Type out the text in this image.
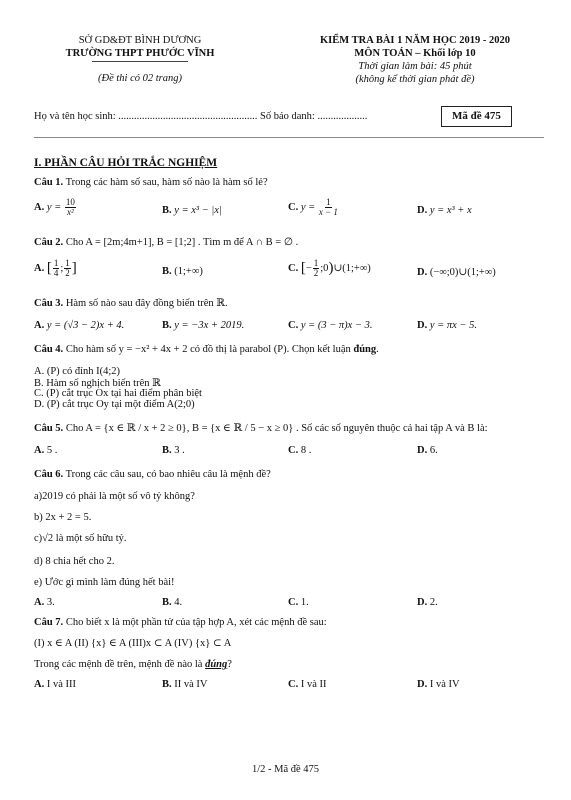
SỞ GD&ĐT BÌNH DƯƠNG
TRƯỜNG THPT PHƯỚC VĨNH
(Đề thi có 02 trang)
KIỂM TRA BÀI 1 NĂM HỌC 2019 - 2020
MÔN TOÁN – Khối lớp 10
Thời gian làm bài: 45 phút
(không kể thời gian phát đề)
Họ và tên học sinh: ..................................................... Số báo danh: ...................	Mã đề 475
I. PHẦN CÂU HỎI TRẮC NGHIỆM
Câu 1. Trong các hàm số sau, hàm số nào là hàm số lẻ?
A. $y = \frac{10}{\text{x²}}$	B. y = x³ − |x|	C. $y = \frac{1}{x - 1}$	D. y = x³ + x
Câu 2. Cho A = [2m;4m+1], B = [1;2] . Tìm m để A ∩ B = ∅ .
A. [ $\frac{1}{4}$ ; $\frac{1}{2}$ ]	B. (1;+∞)	C. [− $\frac{1}{2}$ ;0)∪(1;+∞)	D. (−∞;0)∪(1;+∞)
Câu 3. Hàm số nào sau đây đồng biến trên ℝ.
A. y = (√3 − 2)x + 4.	B. y = −3x + 2019.	C. y = (3 − π)x − 3.	D. y = πx − 5.
Câu 4. Cho hàm số y = −x² + 4x + 2 có đồ thị là parabol (P). Chọn kết luận đúng.
A. (P) có đỉnh I(4;2)
B. Hàm số nghịch biến trên ℝ
C. (P) cắt trục Ox tại hai điểm phân biệt
D. (P) cắt trục Oy tại một điểm A(2;0)
Câu 5. Cho A = {x ∈ ℝ / x + 2 ≥ 0}, B = {x ∈ ℝ / 5 − x ≥ 0} . Số các số nguyên thuộc cả hai tập A và B là:
A. 5 .	B. 3 .	C. 8 .	D. 6.
Câu 6. Trong các câu sau, có bao nhiêu câu là mệnh đề?
a)2019 có phải là một số vô tỷ không?
b) 2x + 2 = 5.
c)√2 là một số hữu tỷ.
d) 8 chia hết cho 2.
e) Ước gì mình làm đúng hết bài!
A. 3.	B. 4.	C. 1.	D. 2.
Câu 7. Cho biết x là một phần tử của tập hợp A, xét các mệnh đề sau:
(I) x ∈ A (II) {x} ∈ A (III)x ⊂ A (IV) {x} ⊂ A
Trong các mệnh đề trên, mệnh đề nào là đúng?
A. I và III	B. II và IV	C. I và II	D. I và IV
1/2 - Mã đề 475
